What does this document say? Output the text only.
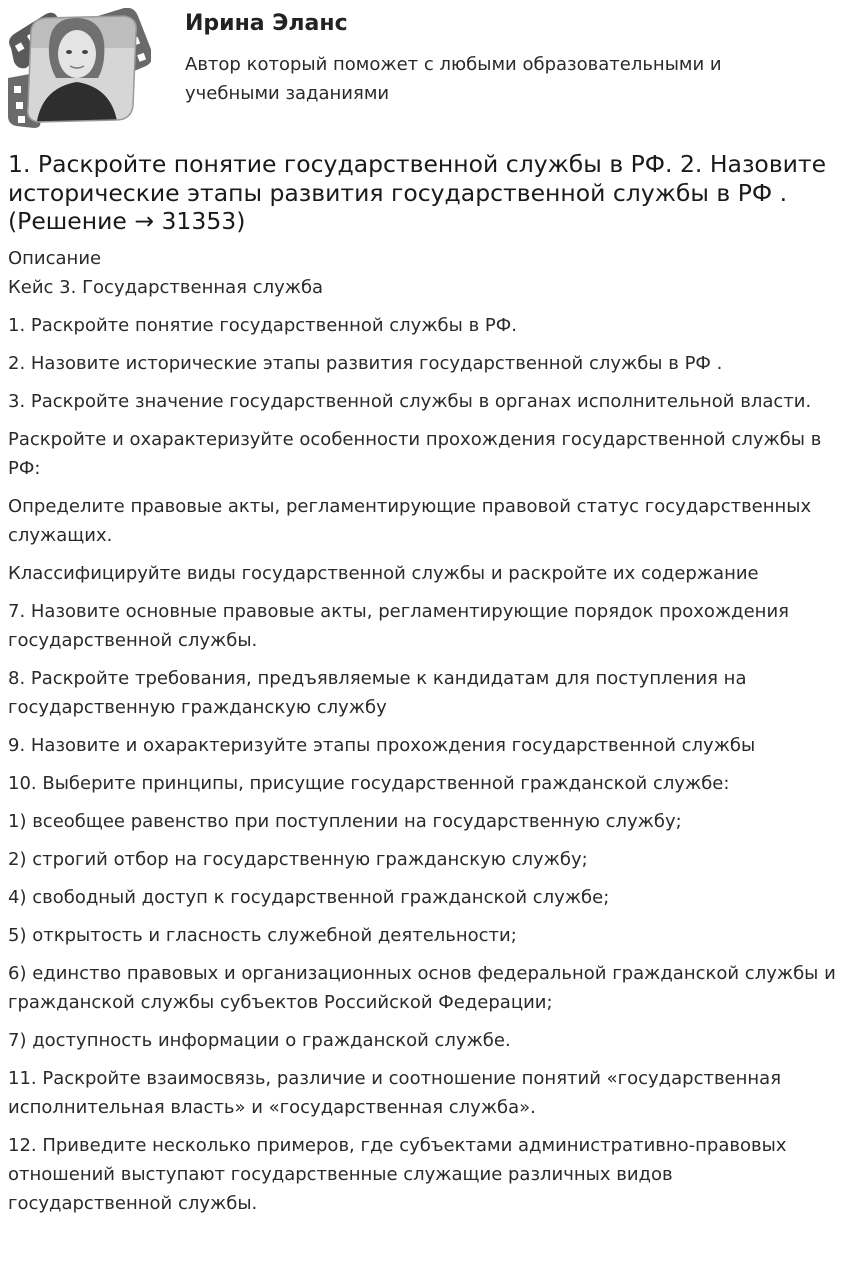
Ирина Эланс
Автор который поможет с любыми образовательными и учебными заданиями
1. Раскройте понятие государственной службы в РФ. 2. Назовите исторические этапы развития государственной службы в РФ . (Решение → 31353)
Описание
Кейс 3. Государственная служба
1. Раскройте понятие государственной службы в РФ.
2. Назовите исторические этапы развития государственной службы в РФ .
3. Раскройте значение государственной службы в органах исполнительной власти.
Раскройте и охарактеризуйте особенности прохождения государственной службы в РФ:
Определите правовые акты, регламентирующие правовой статус государственных служащих.
Классифицируйте виды государственной службы и раскройте их содержание
7. Назовите основные правовые акты, регламентирующие порядок прохождения государственной службы.
8. Раскройте требования, предъявляемые к кандидатам для поступления на государственную гражданскую службу
9. Назовите и охарактеризуйте этапы прохождения государственной службы
10. Выберите принципы, присущие государственной гражданской службе:
1) всеобщее равенство при поступлении на государственную службу;
2) строгий отбор на государственную гражданскую службу;
4) свободный доступ к государственной гражданской службе;
5) открытость и гласность служебной деятельности;
6) единство правовых и организационных основ федеральной гражданской службы и гражданской службы субъектов Российской Федерации;
7) доступность информации о гражданской службе.
11. Раскройте взаимосвязь, различие и соотношение понятий «государственная исполнительная власть» и «государственная служба».
12. Приведите несколько примеров, где субъектами административно-правовых отношений выступают государственные служащие различных видов государственной службы.
